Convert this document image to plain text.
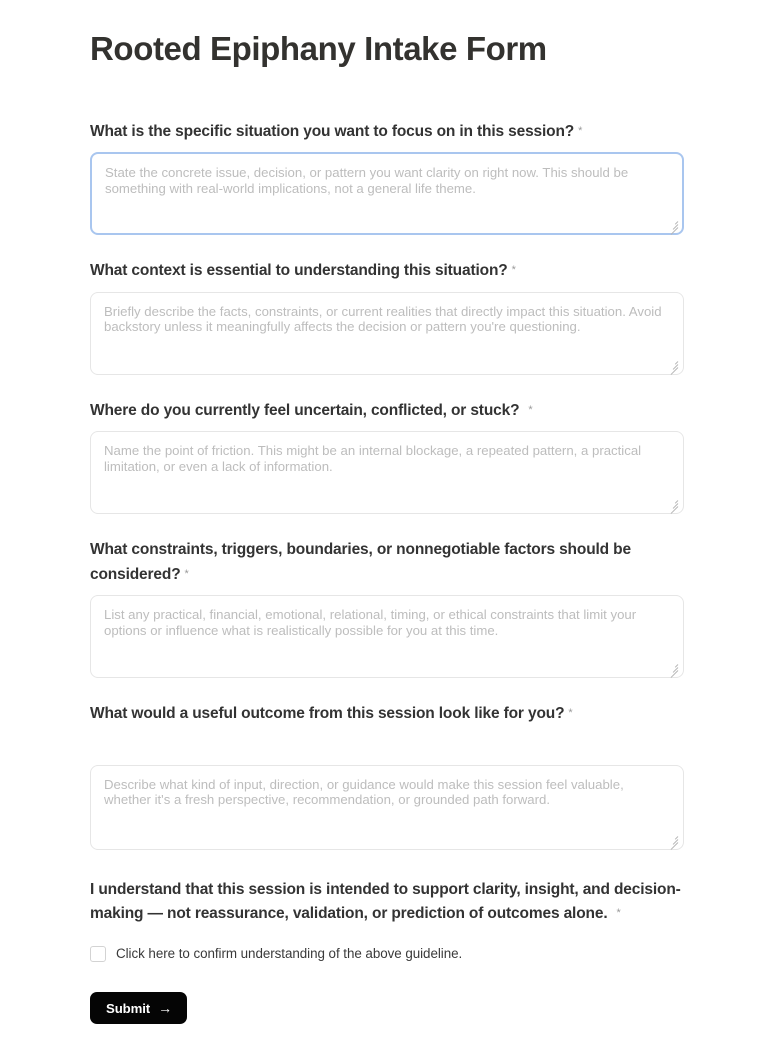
Rooted Epiphany Intake Form
What is the specific situation you want to focus on in this session? *
State the concrete issue, decision, or pattern you want clarity on right now. This should be something with real-world implications, not a general life theme.
What context is essential to understanding this situation? *
Briefly describe the facts, constraints, or current realities that directly impact this situation. Avoid backstory unless it meaningfully affects the decision or pattern you're questioning.
Where do you currently feel uncertain, conflicted, or stuck? *
Name the point of friction. This might be an internal blockage, a repeated pattern, a practical limitation, or even a lack of information.
What constraints, triggers, boundaries, or nonnegotiable factors should be considered? *
List any practical, financial, emotional, relational, timing, or ethical constraints that limit your options or influence what is realistically possible for you at this time.
What would a useful outcome from this session look like for you? *
Describe what kind of input, direction, or guidance would make this session feel valuable, whether it's a fresh perspective, recommendation, or grounded path forward.
I understand that this session is intended to support clarity, insight, and decision-making — not reassurance, validation, or prediction of outcomes alone. *
Click here to confirm understanding of the above guideline.
Submit →
